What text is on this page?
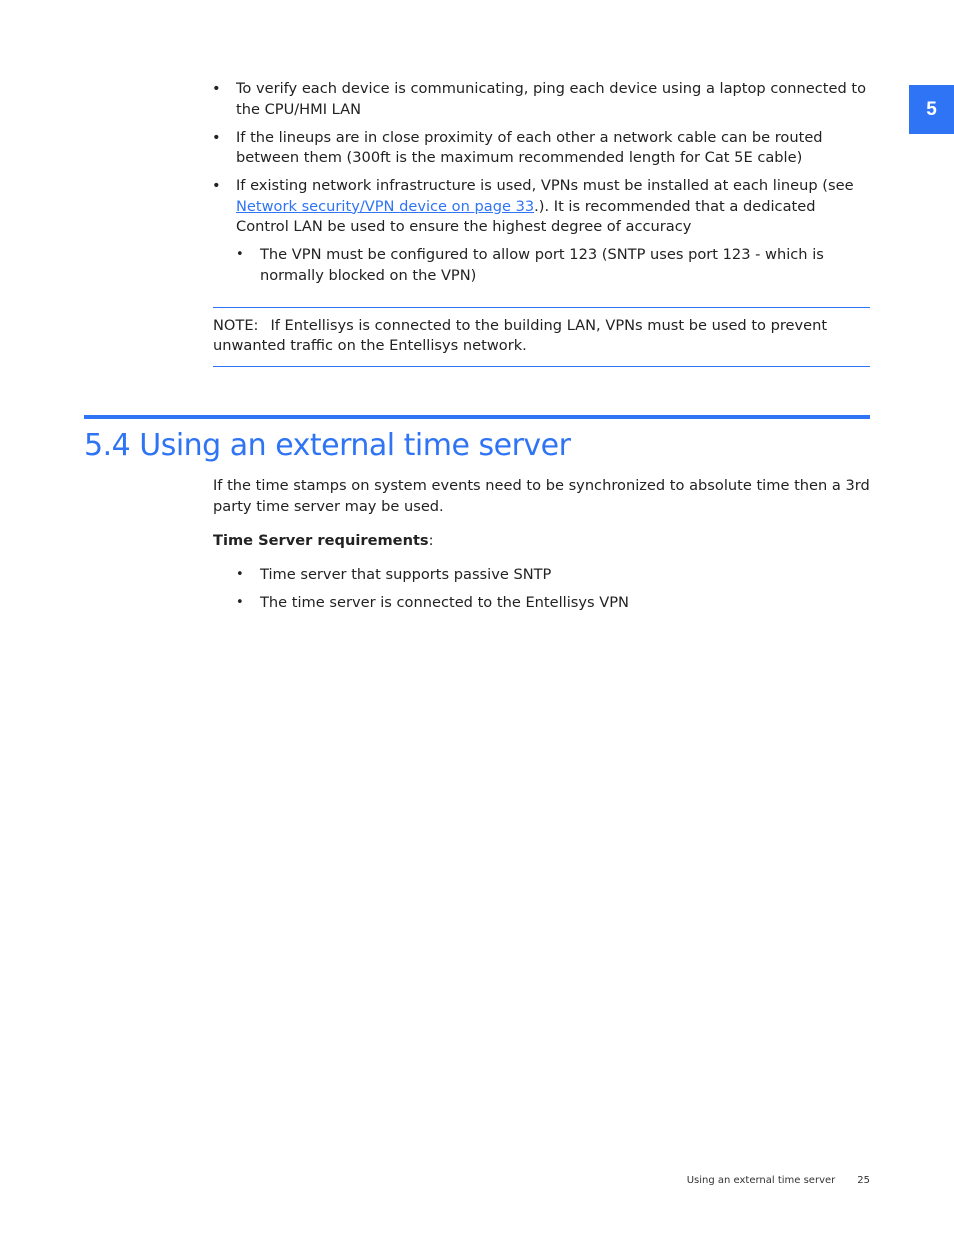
5
• To verify each device is communicating, ping each device using a laptop connected to the CPU/HMI LAN
• If the lineups are in close proximity of each other a network cable can be routed between them (300ft is the maximum recommended length for Cat 5E cable)
• If existing network infrastructure is used, VPNs must be installed at each lineup (see Network security/VPN device on page 33.). It is recommended that a dedicated Control LAN be used to ensure the highest degree of accuracy
• The VPN must be configured to allow port 123 (SNTP uses port 123 - which is normally blocked on the VPN)
NOTE: If Entellisys is connected to the building LAN, VPNs must be used to prevent unwanted traffic on the Entellisys network.
5.4 Using an external time server
If the time stamps on system events need to be synchronized to absolute time then a 3rd party time server may be used.
Time Server requirements:
• Time server that supports passive SNTP
• The time server is connected to the Entellisys VPN
Using an external time server 25
